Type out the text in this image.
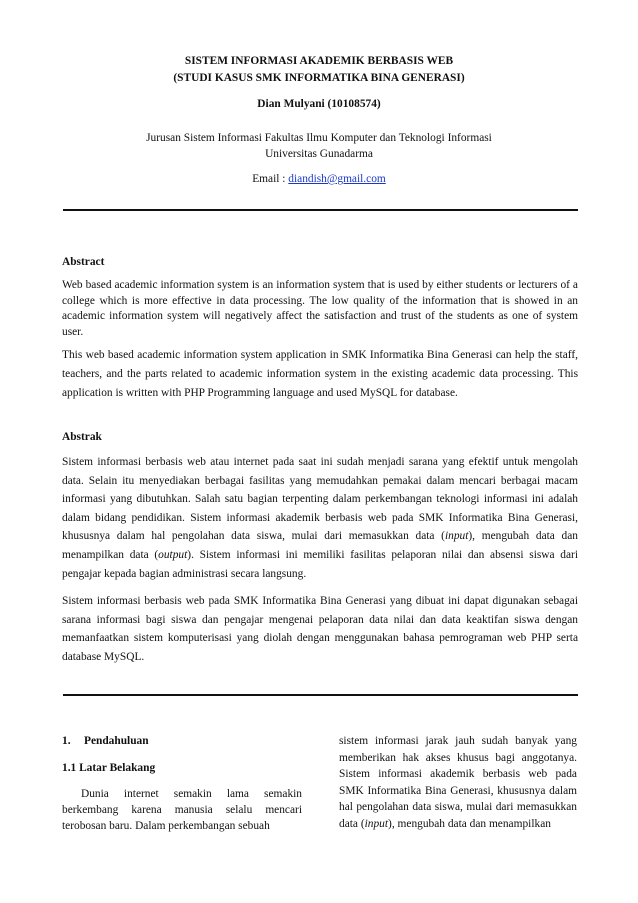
SISTEM INFORMASI AKADEMIK BERBASIS WEB
(STUDI KASUS SMK INFORMATIKA BINA GENERASI)
Dian Mulyani (10108574)
Jurusan Sistem Informasi Fakultas Ilmu Komputer dan Teknologi Informasi
Universitas Gunadarma
Email : diandish@gmail.com
Abstract
Web based academic information system is an information system that is used by either students or lecturers of a college which is more effective in data processing. The low quality of the information that is showed in an academic information system will negatively affect the satisfaction and trust of the students as one of system user.
This web based academic information system application in SMK Informatika Bina Generasi can help the staff, teachers, and the parts related to academic information system in the existing academic data processing. This application is written with PHP Programming language and used MySQL for database.
Abstrak
Sistem informasi berbasis web atau internet pada saat ini sudah menjadi sarana yang efektif untuk mengolah data. Selain itu menyediakan berbagai fasilitas yang memudahkan pemakai dalam mencari berbagai macam informasi yang dibutuhkan. Salah satu bagian terpenting dalam perkembangan teknologi informasi ini adalah dalam bidang pendidikan. Sistem informasi akademik berbasis web pada SMK Informatika Bina Generasi, khususnya dalam hal pengolahan data siswa, mulai dari memasukkan data (input), mengubah data dan menampilkan data (output). Sistem informasi ini memiliki fasilitas pelaporan nilai dan absensi siswa dari pengajar kepada bagian administrasi secara langsung.
Sistem informasi berbasis web pada SMK Informatika Bina Generasi yang dibuat ini dapat digunakan sebagai sarana informasi bagi siswa dan pengajar mengenai pelaporan data nilai dan data keaktifan siswa dengan memanfaatkan sistem komputerisasi yang diolah dengan menggunakan bahasa pemrograman web PHP serta database MySQL.
1. Pendahuluan
1.1 Latar Belakang
Dunia internet semakin lama semakin berkembang karena manusia selalu mencari terobosan baru. Dalam perkembangan sebuah

sistem informasi jarak jauh sudah banyak yang memberikan hak akses khusus bagi anggotanya. Sistem informasi akademik berbasis web pada SMK Informatika Bina Generasi, khususnya dalam hal pengolahan data siswa, mulai dari memasukkan data (input), mengubah data dan menampilkan
